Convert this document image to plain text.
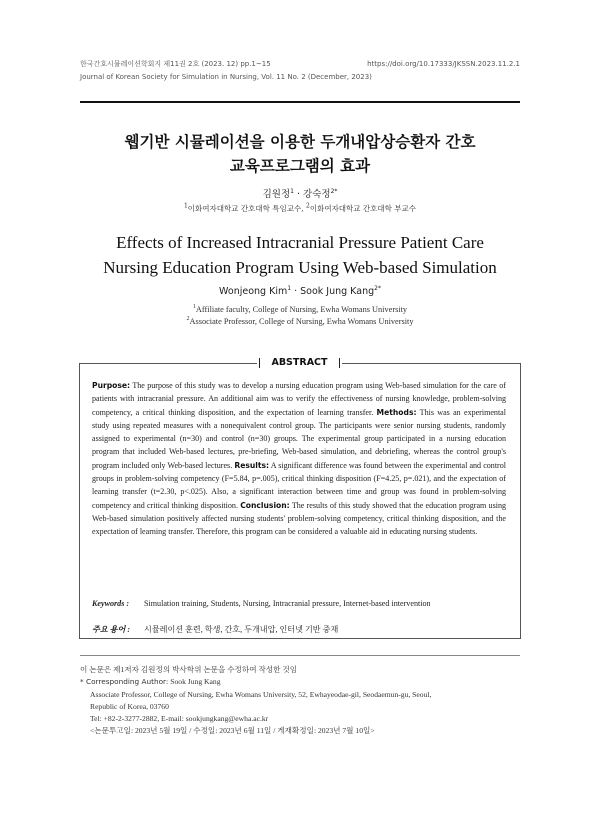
한국간호시뮬레이션학회지 제11권 2호 (2023. 12) pp.1~15	https://doi.org/10.17333/JKSSN.2023.11.2.1
Journal of Korean Society for Simulation in Nursing, Vol. 11 No. 2 (December, 2023)
웹기반 시뮬레이션을 이용한 두개내압상승환자 간호
교육프로그램의 효과
김원정$^1$ · 강숙정$^{2*}$
$^1$이화여자대학교 간호대학 특임교수, $^2$이화여자대학교 간호대학 부교수
Effects of Increased Intracranial Pressure Patient Care
Nursing Education Program Using Web-based Simulation
Wonjeong Kim$^1$ · Sook Jung Kang$^{2*}$
$^1$Affiliate faculty, College of Nursing, Ewha Womans University
$^2$Associate Professor, College of Nursing, Ewha Womans University
ABSTRACT
Purpose: The purpose of this study was to develop a nursing education program using Web-based simulation for the care of patients with intracranial pressure. An additional aim was to verify the effectiveness of nursing knowledge, problem-solving competency, a critical thinking disposition, and the expectation of learning transfer. Methods: This was an experimental study using repeated measures with a nonequivalent control group. The participants were senior nursing students, randomly assigned to experimental (n=30) and control (n=30) groups. The experimental group participated in a nursing education program that included Web-based lectures, pre-briefing, Web-based simulation, and debriefing, whereas the control group's program included only Web-based lectures. Results: A significant difference was found between the experimental and control groups in problem-solving competency (F=5.84, p=.005), critical thinking disposition (F=4.25, p=.021), and the expectation of learning transfer (t=2.30, p<.025). Also, a significant interaction between time and group was found in problem-solving competency and critical thinking disposition. Conclusion: The results of this study showed that the education program using Web-based simulation positively affected nursing students' problem-solving competency, critical thinking disposition, and the expectation of learning transfer. Therefore, this program can be considered a valuable aid in educating nursing students.
Keywords : Simulation training, Students, Nursing, Intracranial pressure, Internet-based intervention
주요 용어 : 시뮬레이션 훈련, 학생, 간호, 두개내압, 인터넷 기반 중재
이 논문은 제1저자 김원정의 박사학위 논문을 수정하여 작성한 것임
* Corresponding Author: Sook Jung Kang
Associate Professor, College of Nursing, Ewha Womans University, 52, Ewhayeodae-gil, Seodaemun-gu, Seoul,
Republic of Korea, 03760
Tel: +82-2-3277-2882, E-mail: sookjungkang@ewha.ac.kr
<논문투고일: 2023년 5월 19일 / 수정일: 2023년 6월 11일 / 게재확정일: 2023년 7월 10일>
